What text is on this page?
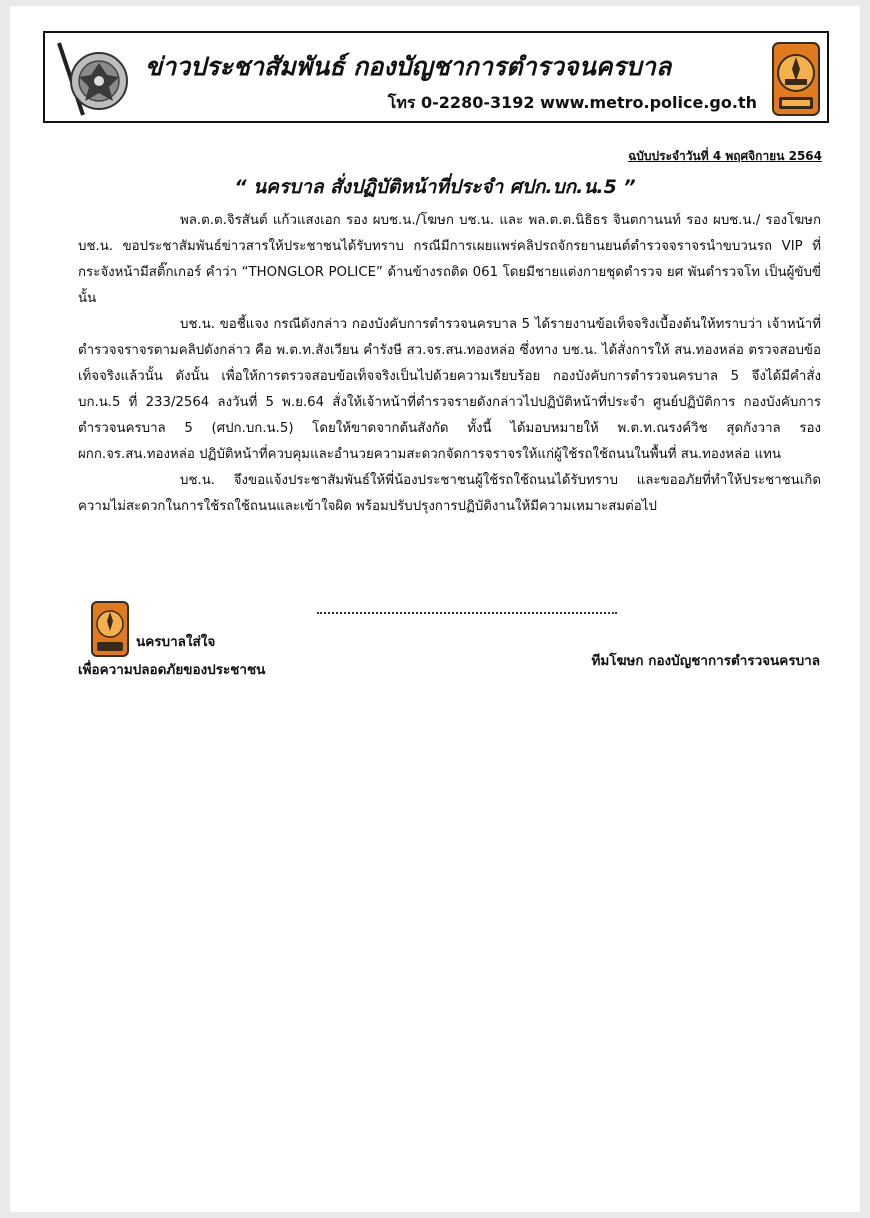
ข่าวประชาสัมพันธ์ กองบัญชาการตำรวจนครบาล
โทร 0-2280-3192 www.metro.police.go.th
ฉบับประจำวันที่ 4 พฤศจิกายน 2564
“ นครบาล สั่งปฏิบัติหน้าที่ประจำ ศปก.บก.น.5 ”

พล.ต.ต.จิรสันต์ แก้วแสงเอก รอง ผบช.น./โฆษก บช.น. และ พล.ต.ต.นิธิธร จินตกานนท์ รอง ผบช.น./ รองโฆษก บช.น. ขอประชาสัมพันธ์ข่าวสารให้ประชาชนได้รับทราบ กรณีมีการเผยแพร่คลิปรถจักรยานยนต์ตำรวจจราจรนำขบวนรถ VIP ที่กระจังหน้ามีสติ๊กเกอร์ คำว่า “THONGLOR POLICE” ด้านข้างรถติด 061 โดยมีชายแต่งกายชุดตำรวจ ยศ พันตำรวจโท เป็นผู้ขับขี่ นั้น

บช.น. ขอชี้แจง กรณีดังกล่าว กองบังคับการตำรวจนครบาล 5 ได้รายงานข้อเท็จจริงเบื้องต้นให้ทราบว่า เจ้าหน้าที่ตำรวจจราจรตามคลิปดังกล่าว คือ พ.ต.ท.สังเวียน คำรังษี สว.จร.สน.ทองหล่อ ซึ่งทาง บช.น. ได้สั่งการให้ สน.ทองหล่อ ตรวจสอบข้อเท็จจริงแล้วนั้น ดังนั้น เพื่อให้การตรวจสอบข้อเท็จจริงเป็นไปด้วยความเรียบร้อย กองบังคับการตำรวจนครบาล 5 จึงได้มีคำสั่ง บก.น.5 ที่ 233/2564 ลงวันที่ 5 พ.ย.64 สั่งให้เจ้าหน้าที่ตำรวจรายดังกล่าวไปปฏิบัติหน้าที่ประจำ ศูนย์ปฏิบัติการ กองบังคับการตำรวจนครบาล 5 (ศปก.บก.น.5) โดยให้ขาดจากต้นสังกัด ทั้งนี้ ได้มอบหมายให้ พ.ต.ท.ณรงค์วิช สุดกังวาล รอง ผกก.จร.สน.ทองหล่อ ปฏิบัติหน้าที่ควบคุมและอำนวยความสะดวกจัดการจราจรให้แก่ผู้ใช้รถใช้ถนนในพื้นที่ สน.ทองหล่อ แทน

บช.น. จึงขอแจ้งประชาสัมพันธ์ให้พี่น้องประชาชนผู้ใช้รถใช้ถนนได้รับทราบ และขออภัยที่ทำให้ประชาชนเกิดความไม่สะดวกในการใช้รถใช้ถนนและเข้าใจผิด พร้อมปรับปรุงการปฏิบัติงานให้มีความเหมาะสมต่อไป

นครบาลใส่ใจ
เพื่อความปลอดภัยของประชาชน
ทีมโฆษก กองบัญชาการตำรวจนครบาล
